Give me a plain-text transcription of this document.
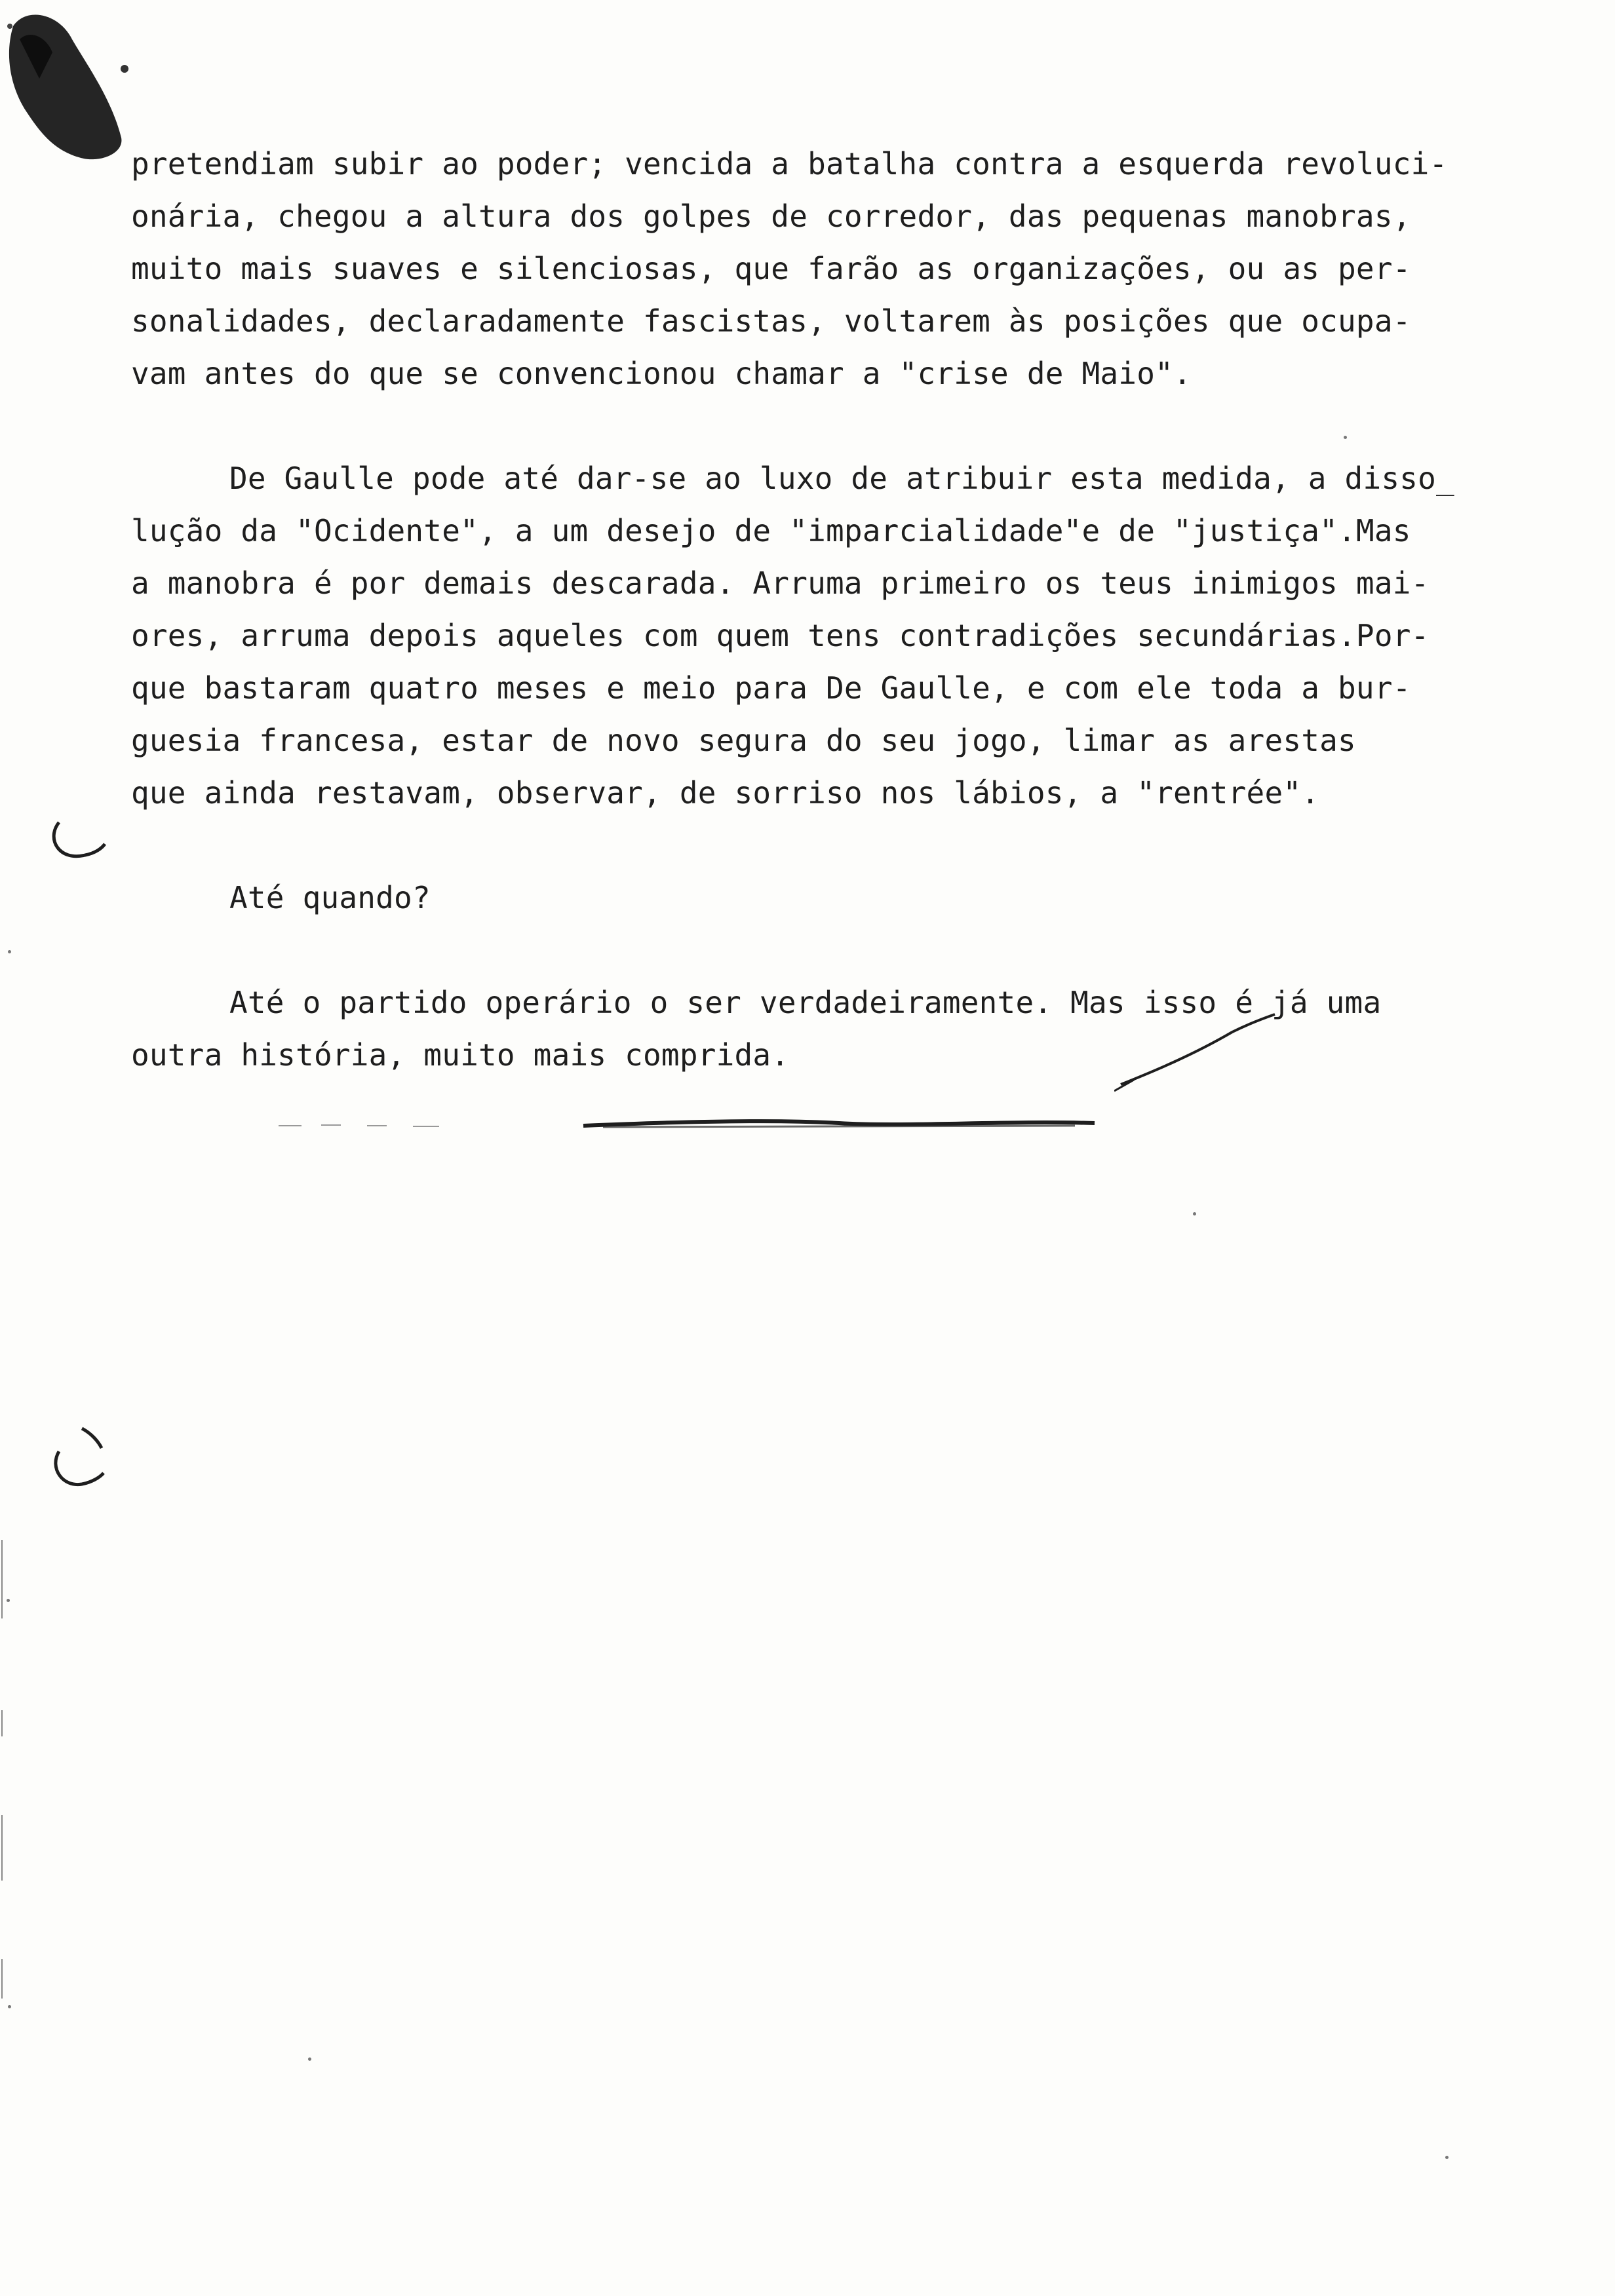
pretendiam subir ao poder; vencida a batalha contra a esquerda revoluci-
onária, chegou a altura dos golpes de corredor, das pequenas manobras,
muito mais suaves e silenciosas, que farão as organizações, ou as per-
sonalidades, declaradamente fascistas, voltarem às posições que ocupa-
vam antes do que se convencionou chamar a "crise de Maio".
De Gaulle pode até dar-se ao luxo de atribuir esta medida, a disso_
lução da "Ocidente", a um desejo de "imparcialidade"e de "justiça".Mas
a manobra é por demais descarada. Arruma primeiro os teus inimigos mai-
ores, arruma depois aqueles com quem tens contradições secundárias.Por-
que bastaram quatro meses e meio para De Gaulle, e com ele toda a bur-
guesia francesa, estar de novo segura do seu jogo, limar as arestas
que ainda restavam, observar, de sorriso nos lábios, a "rentrée".
Até quando?
Até o partido operário o ser verdadeiramente. Mas isso é já uma
outra história, muito mais comprida.
